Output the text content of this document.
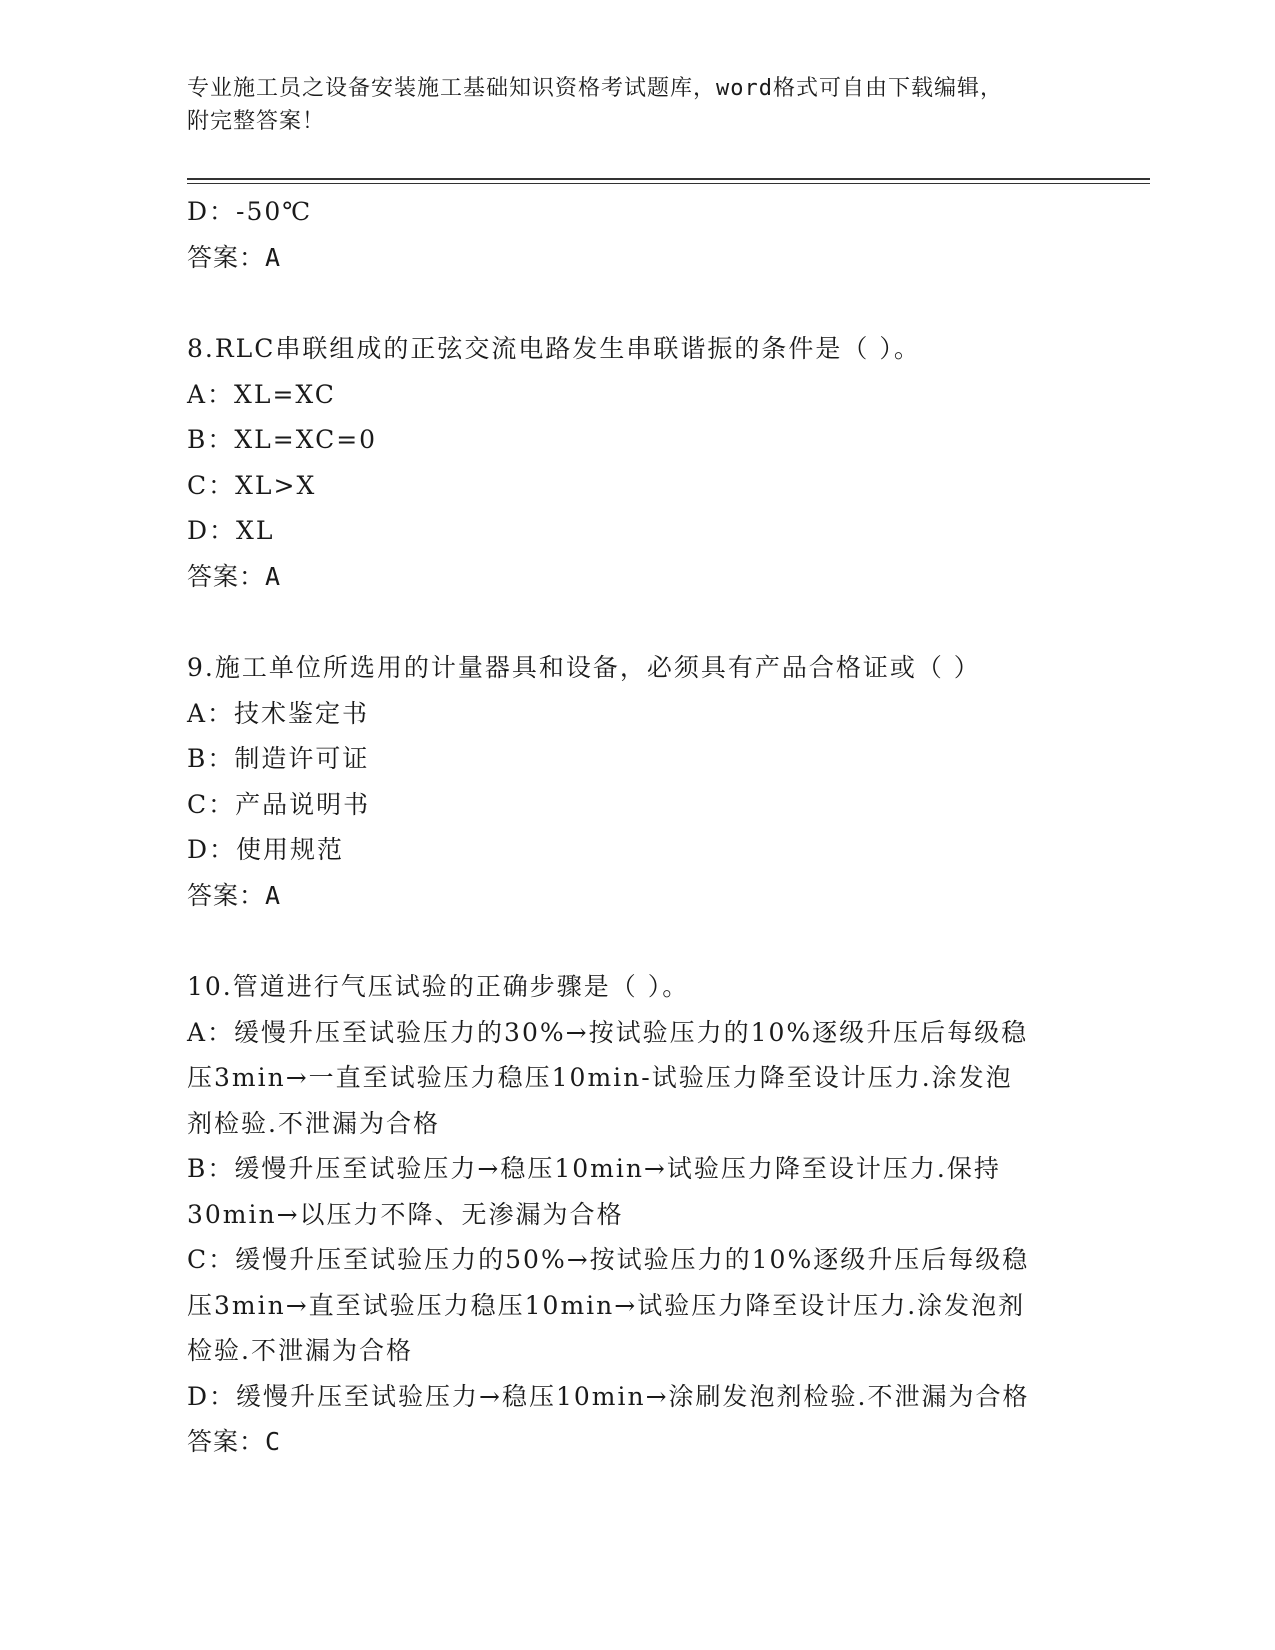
专业施工员之设备安装施工基础知识资格考试题库，word格式可自由下载编辑，
附完整答案！
D：-50℃
答案：A
8.RLC串联组成的正弦交流电路发生串联谐振的条件是（ ）。
A：XL=XC
B：XL=XC=0
C：XL>X
D：XL
答案：A
9.施工单位所选用的计量器具和设备，必须具有产品合格证或（ ）
A：技术鉴定书
B：制造许可证
C：产品说明书
D：使用规范
答案：A
10.管道进行气压试验的正确步骤是（ ）。
A：缓慢升压至试验压力的30%→按试验压力的10%逐级升压后每级稳
压3min→一直至试验压力稳压10min-试验压力降至设计压力.涂发泡
剂检验.不泄漏为合格
B：缓慢升压至试验压力→稳压10min→试验压力降至设计压力.保持
30min→以压力不降、无渗漏为合格
C：缓慢升压至试验压力的50%→按试验压力的10%逐级升压后每级稳
压3min→直至试验压力稳压10min→试验压力降至设计压力.涂发泡剂
检验.不泄漏为合格
D：缓慢升压至试验压力→稳压10min→涂刷发泡剂检验.不泄漏为合格
答案：C
